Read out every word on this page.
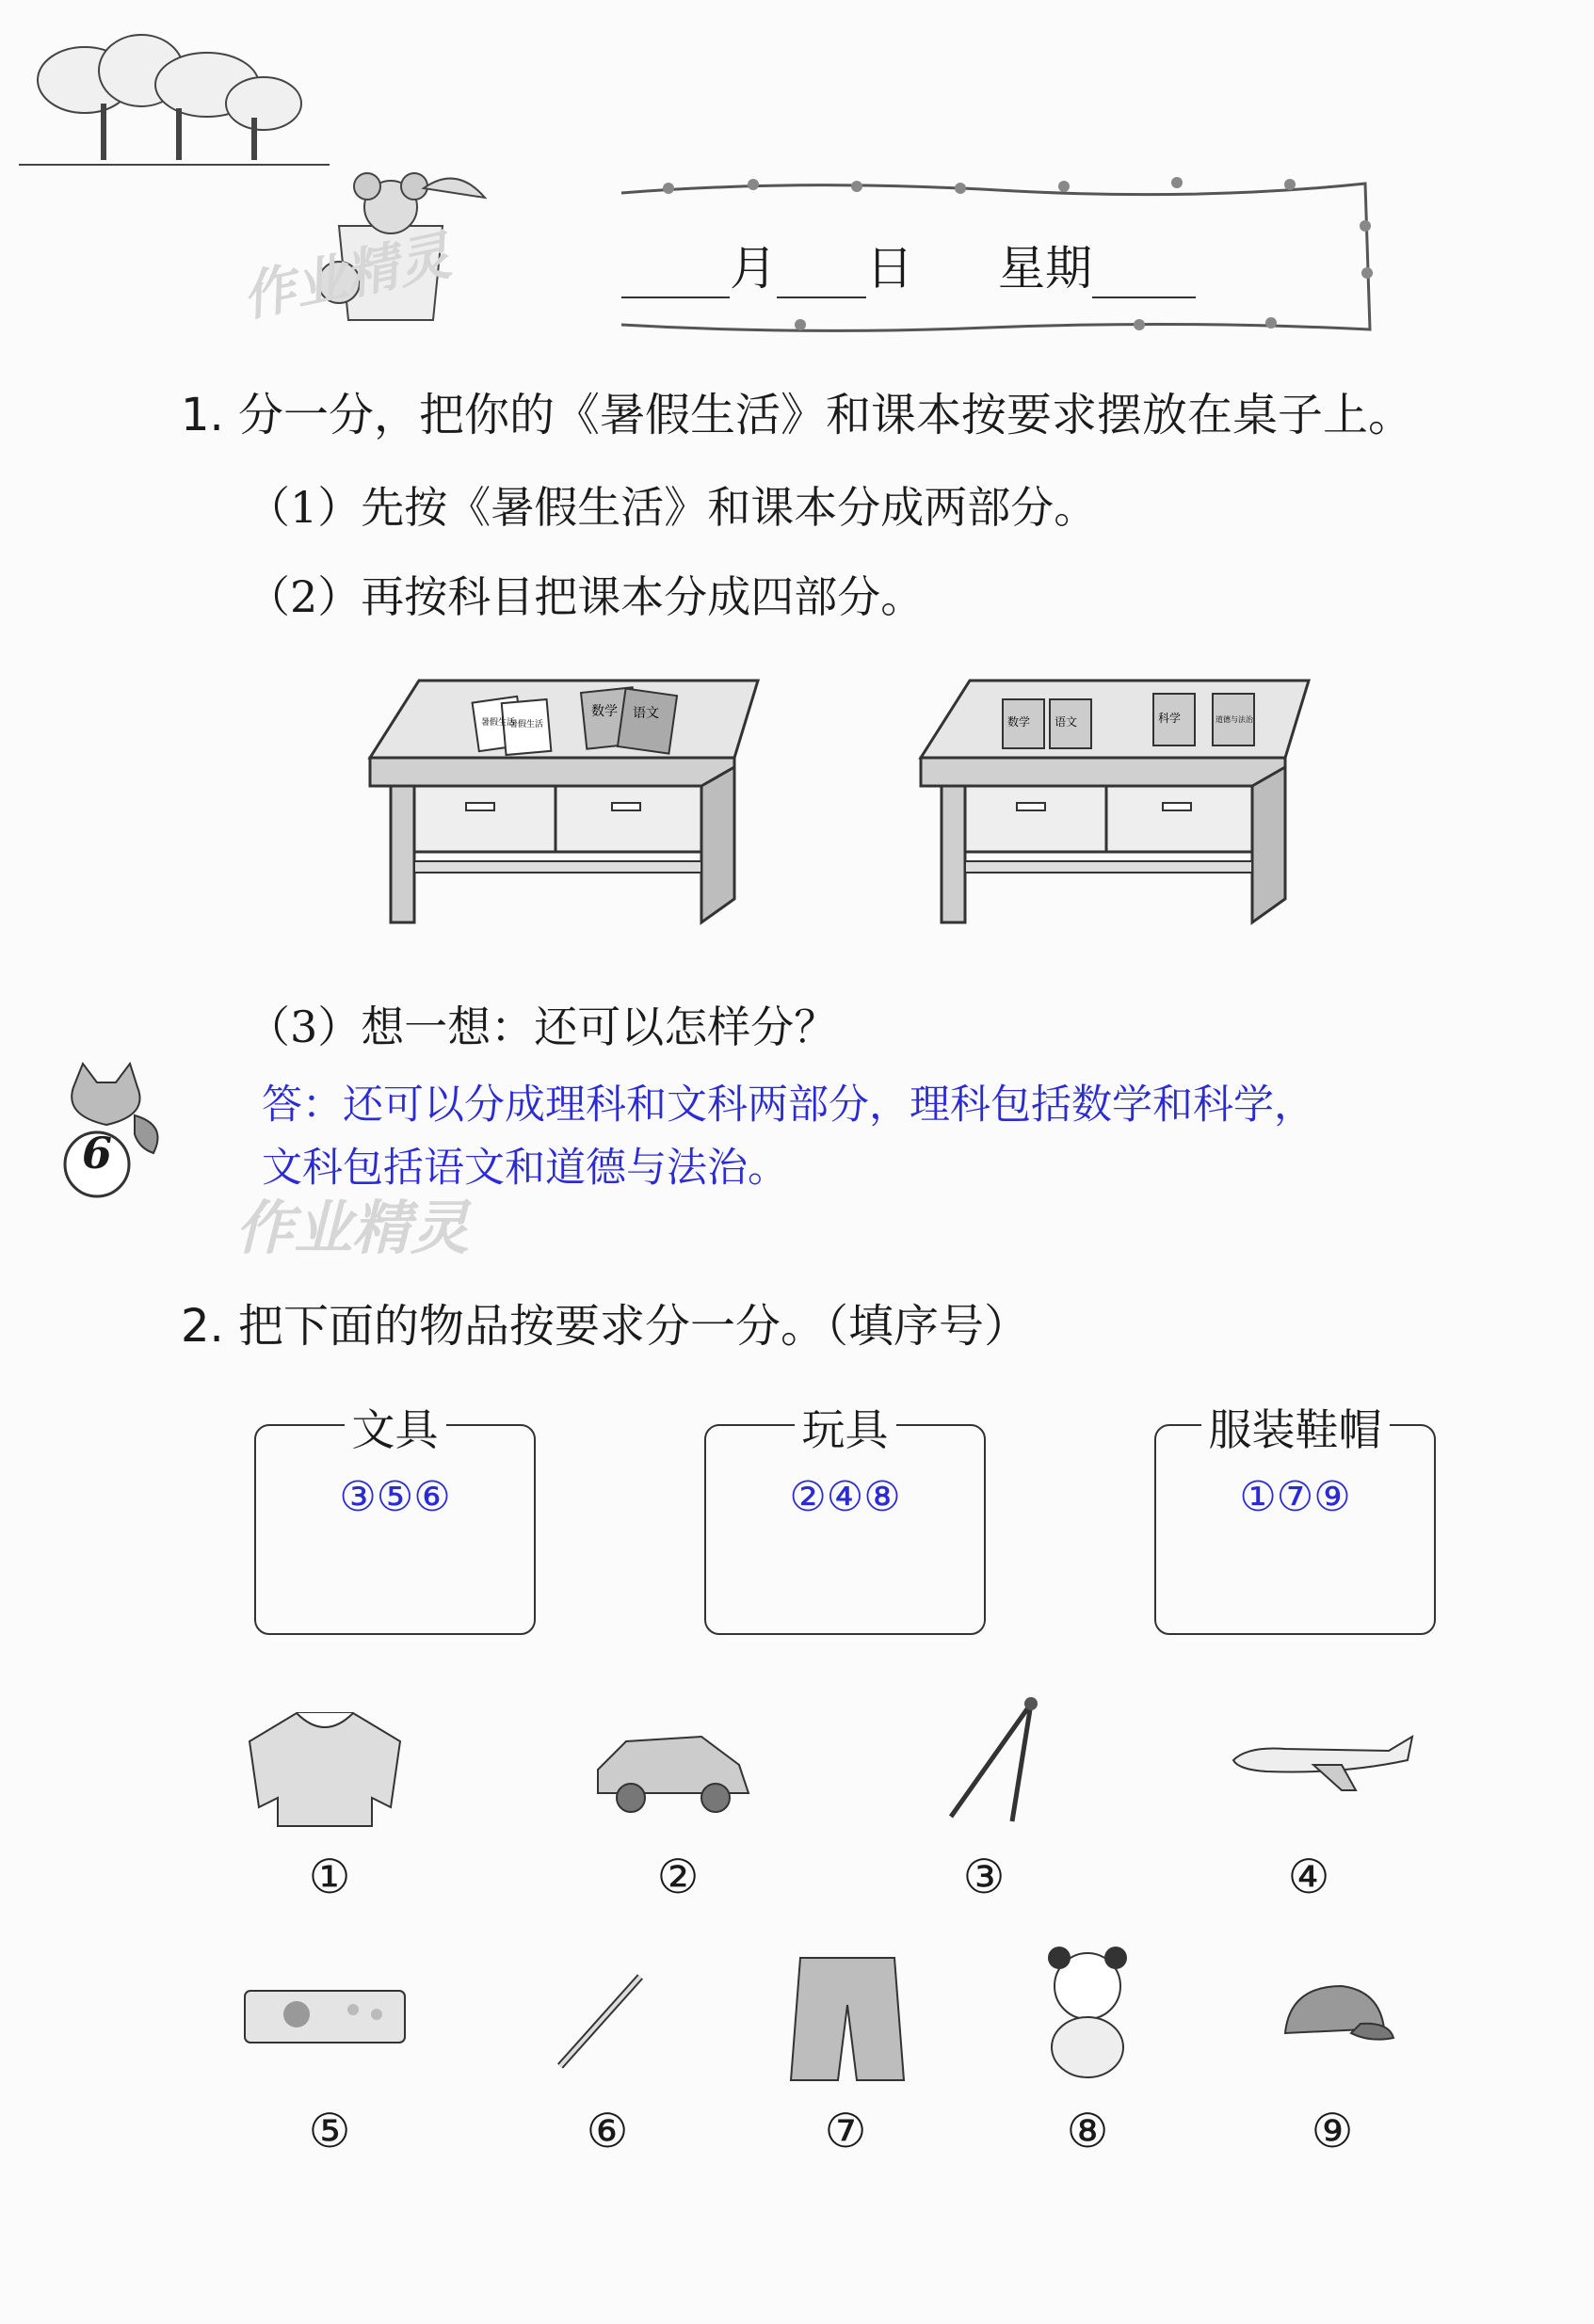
作业精灵	月 日 星期
1. 分一分，把你的《暑假生活》和课本按要求摆放在桌子上。
（1）先按《暑假生活》和课本分成两部分。
（2）再按科目把课本分成四部分。
暑假生活
暑假生活
数学 语文
数学 语文	科学	道德与法治
（3）想一想：还可以怎样分？
答：还可以分成理科和文科两部分，理科包括数学和科学，
文科包括语文和道德与法治。
6
作业精灵
2. 把下面的物品按要求分一分。（填序号）
文具
③⑤⑥
玩具
②④⑧
服装鞋帽
①⑦⑨
①	②	③	④
⑤	⑥	⑦	⑧	⑨
